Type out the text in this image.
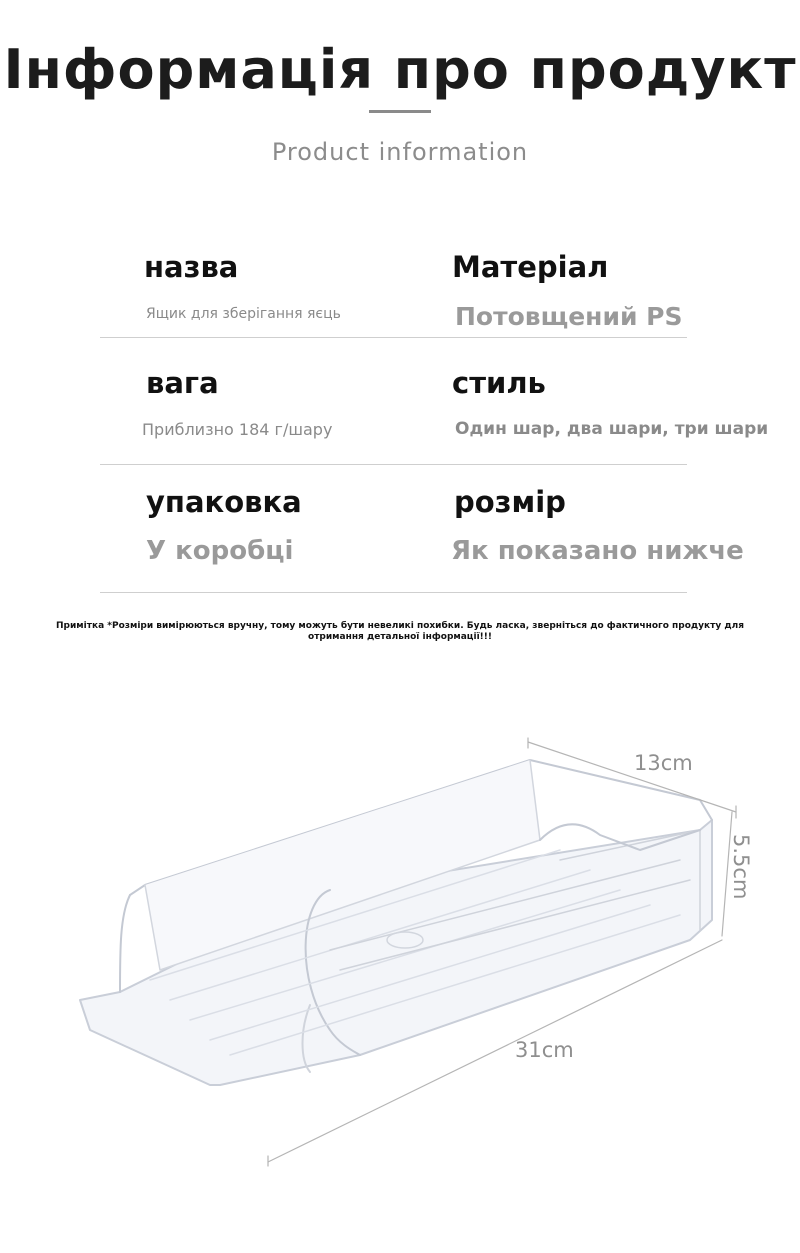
Інформація про продукт
Product information
назва
Ящик для зберігання яєць
Матеріал
Потовщений PS
вага
Приблизно 184 г/шару
стиль
Один шар, два шари, три шари
упаковка
У коробці
розмір
Як показано нижче
Примітка *Розміри вимірюються вручну, тому можуть бути невеликі похибки. Будь ласка, зверніться до фактичного продукту для отримання детальної інформації!!!
13cm
5.5cm
31cm
